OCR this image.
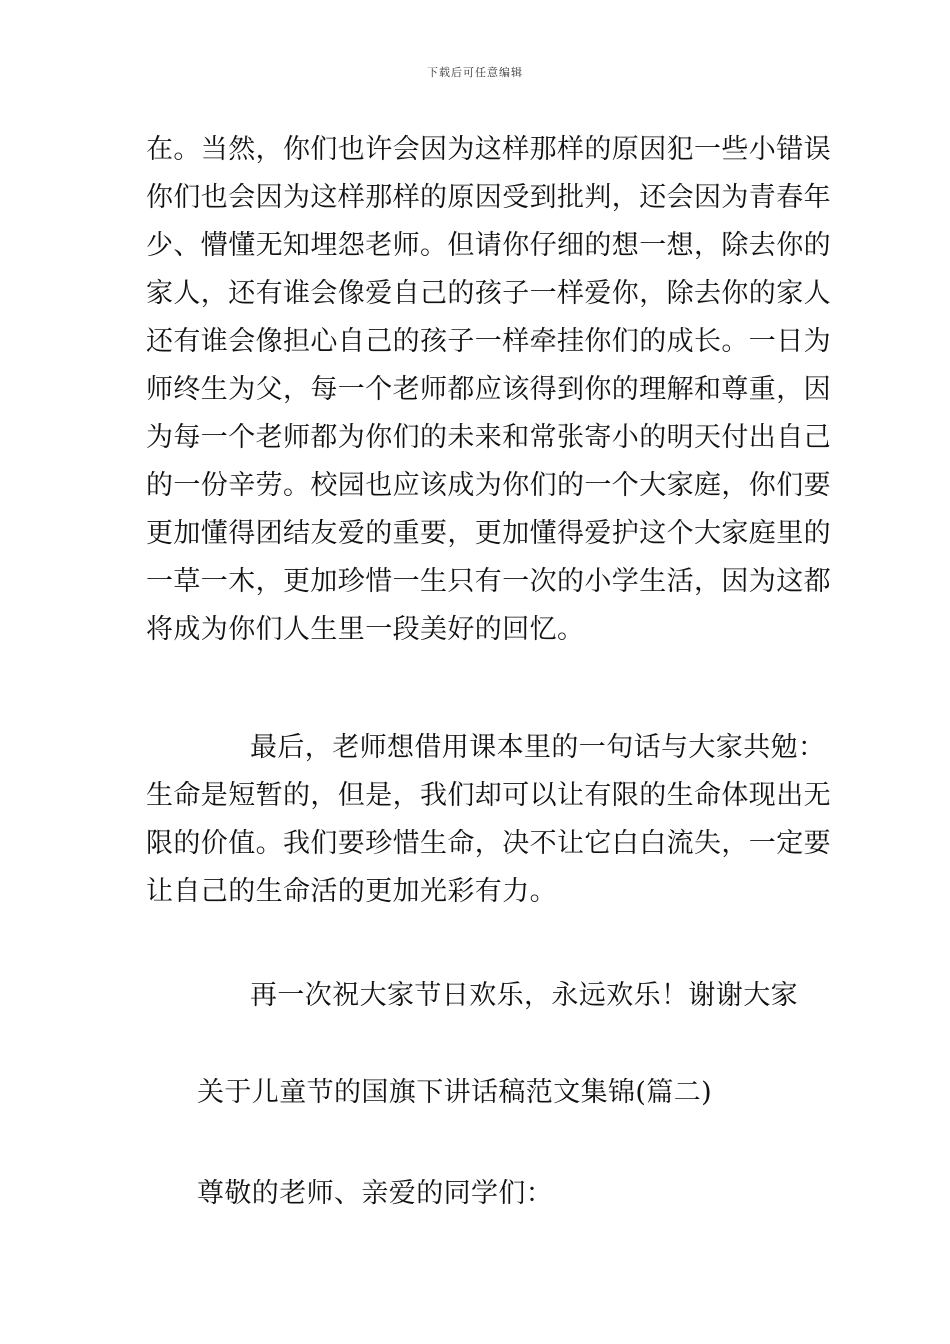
下载后可任意编辑
在。当然，你们也许会因为这样那样的原因犯一些小错误
你们也会因为这样那样的原因受到批判，还会因为青春年
少、懵懂无知埋怨老师。但请你仔细的想一想，除去你的
家人，还有谁会像爱自己的孩子一样爱你，除去你的家人
还有谁会像担心自己的孩子一样牵挂你们的成长。一日为
师终生为父，每一个老师都应该得到你的理解和尊重，因
为每一个老师都为你们的未来和常张寄小的明天付出自己
的一份辛劳。校园也应该成为你们的一个大家庭，你们要
更加懂得团结友爱的重要，更加懂得爱护这个大家庭里的
一草一木，更加珍惜一生只有一次的小学生活，因为这都
将成为你们人生里一段美好的回忆。
最后，老师想借用课本里的一句话与大家共勉：
生命是短暂的，但是，我们却可以让有限的生命体现出无
限的价值。我们要珍惜生命，决不让它白白流失，一定要
让自己的生命活的更加光彩有力。
再一次祝大家节日欢乐，永远欢乐！谢谢大家
关于儿童节的国旗下讲话稿范文集锦(篇二)
尊敬的老师、亲爱的同学们：
